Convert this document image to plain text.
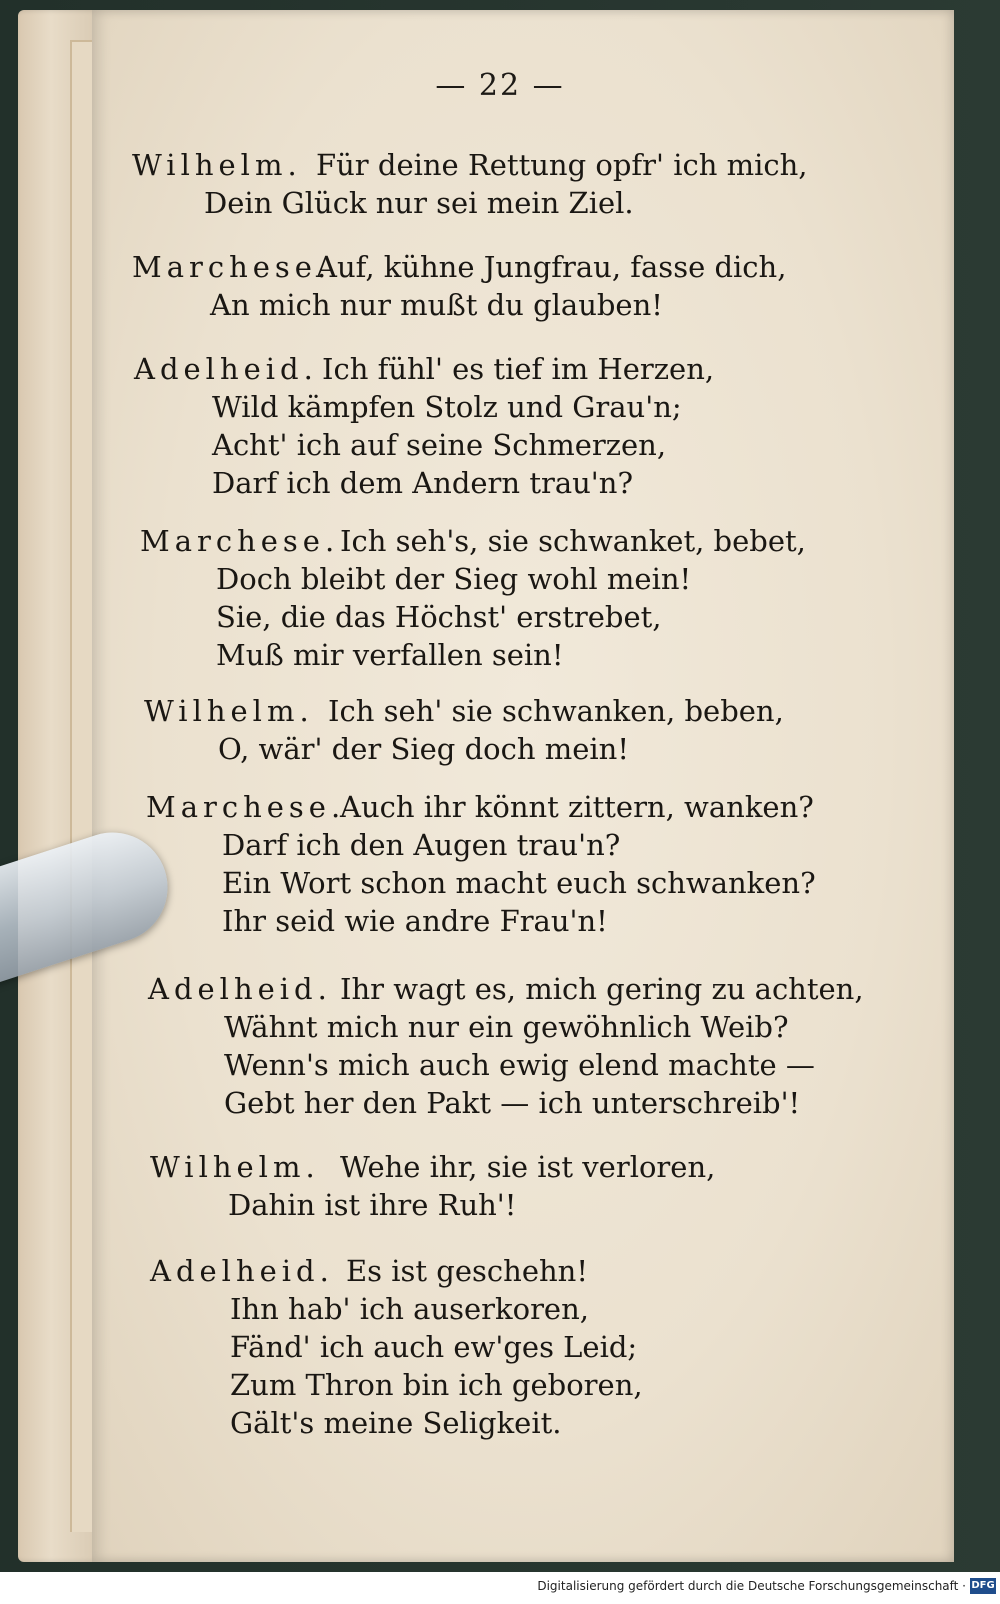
— 22 —
Wilhelm. Für deine Rettung opfr' ich mich,
Dein Glück nur sei mein Ziel.
Marchese.
Auf, kühne Jungfrau, fasse dich,
An mich nur mußt du glauben!
Adelheid. Ich fühl' es tief im Herzen,
Wild kämpfen Stolz und Grau'n;
Acht' ich auf seine Schmerzen,
Darf ich dem Andern trau'n?
Marchese. Ich seh's, sie schwanket, bebet,
Doch bleibt der Sieg wohl mein!
Sie, die das Höchst' erstrebet,
Muß mir verfallen sein!
Wilhelm. Ich seh' sie schwanken, beben,
O, wär' der Sieg doch mein!
Marchese.
Auch ihr könnt zittern, wanken?
Darf ich den Augen trau'n?
Ein Wort schon macht euch schwanken?
Ihr seid wie andre Frau'n!
Adelheid. Ihr wagt es, mich gering zu achten,
Wähnt mich nur ein gewöhnlich Weib?
Wenn's mich auch ewig elend machte —
Gebt her den Pakt — ich unterschreib'!
Wilhelm. Wehe ihr, sie ist verloren,
Dahin ist ihre Ruh'!
Adelheid. Es ist geschehn!
Ihn hab' ich auserkoren,
Fänd' ich auch ew'ges Leid;
Zum Thron bin ich geboren,
Gält's meine Seligkeit.
Digitalisierung gefördert durch die Deutsche Forschungsgemeinschaft · DFG
